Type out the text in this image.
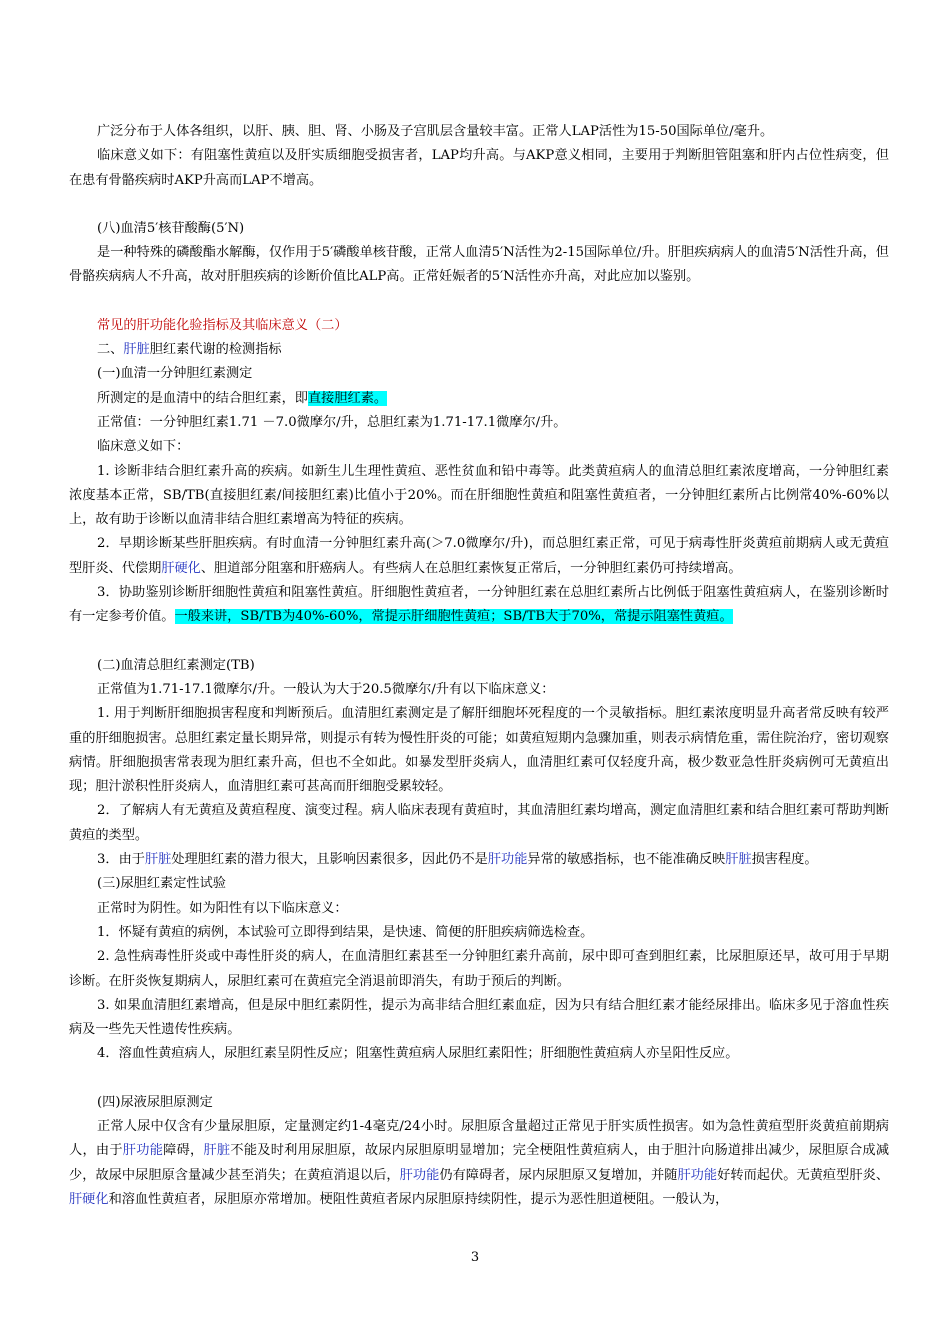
广泛分布于人体各组织，以肝、胰、胆、肾、小肠及子宫肌层含量较丰富。正常人LAP活性为15-50国际单位/毫升。

临床意义如下：有阻塞性黄疸以及肝实质细胞受损害者，LAP均升高。与AKP意义相同，主要用于判断胆管阻塞和肝内占位性病变，但在患有骨骼疾病时AKP升高而LAP不增高。

(八)血清5′核苷酸酶(5′N)

是一种特殊的磷酸酯水解酶，仅作用于5′磷酸单核苷酸，正常人血清5′N活性为2-15国际单位/升。肝胆疾病病人的血清5′N活性升高，但骨骼疾病病人不升高，故对肝胆疾病的诊断价值比ALP高。正常妊娠者的5′N活性亦升高，对此应加以鉴别。

常见的肝功能化验指标及其临床意义（二）

二、肝脏胆红素代谢的检测指标

(一)血清一分钟胆红素测定

所测定的是血清中的结合胆红素，即直接胆红素。

正常值：一分钟胆红素1.71 －7.0微摩尔/升，总胆红素为1.71-17.1微摩尔/升。

临床意义如下：

1. 诊断非结合胆红素升高的疾病。如新生儿生理性黄疸、恶性贫血和铅中毒等。此类黄疸病人的血清总胆红素浓度增高，一分钟胆红素浓度基本正常，SB/TB(直接胆红素/间接胆红素)比值小于20%。而在肝细胞性黄疸和阻塞性黄疸者，一分钟胆红素所占比例常40%-60%以上，故有助于诊断以血清非结合胆红素增高为特征的疾病。

2．早期诊断某些肝胆疾病。有时血清一分钟胆红素升高(＞7.0微摩尔/升)，而总胆红素正常，可见于病毒性肝炎黄疸前期病人或无黄疸型肝炎、代偿期肝硬化、胆道部分阻塞和肝癌病人。有些病人在总胆红素恢复正常后，一分钟胆红素仍可持续增高。

3．协助鉴别诊断肝细胞性黄疸和阻塞性黄疸。肝细胞性黄疸者，一分钟胆红素在总胆红素所占比例低于阻塞性黄疸病人，在鉴别诊断时有一定参考价值。一般来讲，SB/TB为40%-60%，常提示肝细胞性黄疸；SB/TB大于70%，常提示阻塞性黄疸。

(二)血清总胆红素测定(TB)

正常值为1.71-17.1微摩尔/升。一般认为大于20.5微摩尔/升有以下临床意义：

1. 用于判断肝细胞损害程度和判断预后。血清胆红素测定是了解肝细胞坏死程度的一个灵敏指标。胆红素浓度明显升高者常反映有较严重的肝细胞损害。总胆红素定量长期异常，则提示有转为慢性肝炎的可能；如黄疸短期内急骤加重，则表示病情危重，需住院治疗，密切观察病情。肝细胞损害常表现为胆红素升高，但也不全如此。如暴发型肝炎病人，血清胆红素可仅轻度升高，极少数亚急性肝炎病例可无黄疸出现；胆汁淤积性肝炎病人，血清胆红素可甚高而肝细胞受累较轻。

2．了解病人有无黄疸及黄疸程度、演变过程。病人临床表现有黄疸时，其血清胆红素均增高，测定血清胆红素和结合胆红素可帮助判断黄疸的类型。

3．由于肝脏处理胆红素的潜力很大，且影响因素很多，因此仍不是肝功能异常的敏感指标，也不能准确反映肝脏损害程度。

(三)尿胆红素定性试验

正常时为阴性。如为阳性有以下临床意义：

1．怀疑有黄疸的病例，本试验可立即得到结果，是快速、简便的肝胆疾病筛选检查。

2. 急性病毒性肝炎或中毒性肝炎的病人，在血清胆红素甚至一分钟胆红素升高前，尿中即可查到胆红素，比尿胆原还早，故可用于早期诊断。在肝炎恢复期病人，尿胆红素可在黄疸完全消退前即消失，有助于预后的判断。

3. 如果血清胆红素增高，但是尿中胆红素阴性，提示为高非结合胆红素血症，因为只有结合胆红素才能经尿排出。临床多见于溶血性疾病及一些先天性遗传性疾病。

4．溶血性黄疸病人，尿胆红素呈阴性反应；阻塞性黄疸病人尿胆红素阳性；肝细胞性黄疸病人亦呈阳性反应。

(四)尿液尿胆原测定

正常人尿中仅含有少量尿胆原，定量测定约1-4毫克/24小时。尿胆原含量超过正常见于肝实质性损害。如为急性黄疸型肝炎黄疸前期病人，由于肝功能障碍，肝脏不能及时利用尿胆原，故尿内尿胆原明显增加；完全梗阻性黄疸病人，由于胆汁向肠道排出减少，尿胆原合成减少，故尿中尿胆原含量减少甚至消失；在黄疸消退以后，肝功能仍有障碍者，尿内尿胆原又复增加，并随肝功能好转而起伏。无黄疸型肝炎、肝硬化和溶血性黄疸者，尿胆原亦常增加。梗阻性黄疸者尿内尿胆原持续阴性，提示为恶性胆道梗阻。一般认为，

3
